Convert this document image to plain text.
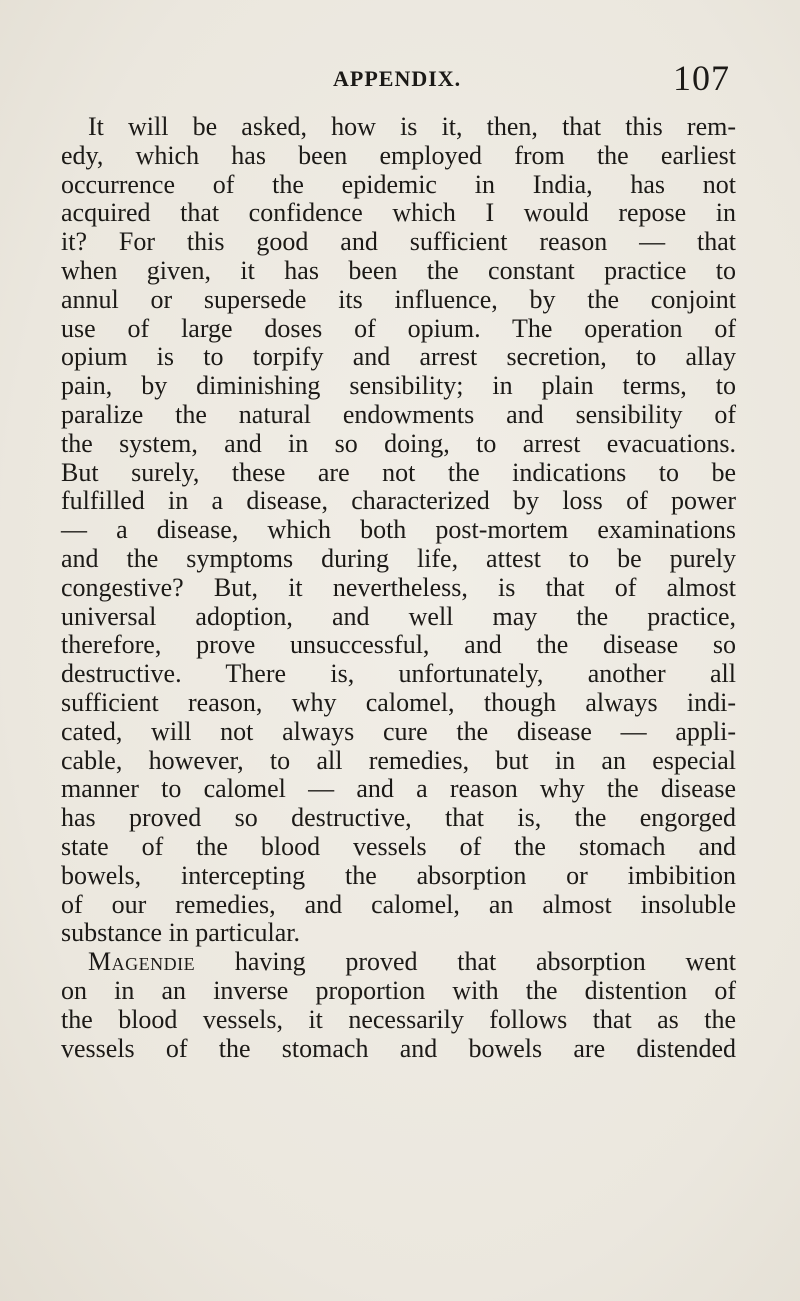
APPENDIX.	107
It will be asked, how is it, then, that this rem-
edy, which has been employed from the earliest
occurrence of the epidemic in India, has not
acquired that confidence which I would repose in
it? For this good and sufficient reason — that
when given, it has been the constant practice to
annul or supersede its influence, by the conjoint
use of large doses of opium. The operation of
opium is to torpify and arrest secretion, to allay
pain, by diminishing sensibility; in plain terms, to
paralize the natural endowments and sensibility of
the system, and in so doing, to arrest evacuations.
But surely, these are not the indications to be
fulfilled in a disease, characterized by loss of power
— a disease, which both post-mortem examinations
and the symptoms during life, attest to be purely
congestive? But, it nevertheless, is that of almost
universal adoption, and well may the practice,
therefore, prove unsuccessful, and the disease so
destructive. There is, unfortunately, another all
sufficient reason, why calomel, though always indi-
cated, will not always cure the disease — appli-
cable, however, to all remedies, but in an especial
manner to calomel — and a reason why the disease
has proved so destructive, that is, the engorged
state of the blood vessels of the stomach and
bowels, intercepting the absorption or imbibition
of our remedies, and calomel, an almost insoluble
substance in particular.
Magendie having proved that absorption went
on in an inverse proportion with the distention of
the blood vessels, it necessarily follows that as the
vessels of the stomach and bowels are distended
